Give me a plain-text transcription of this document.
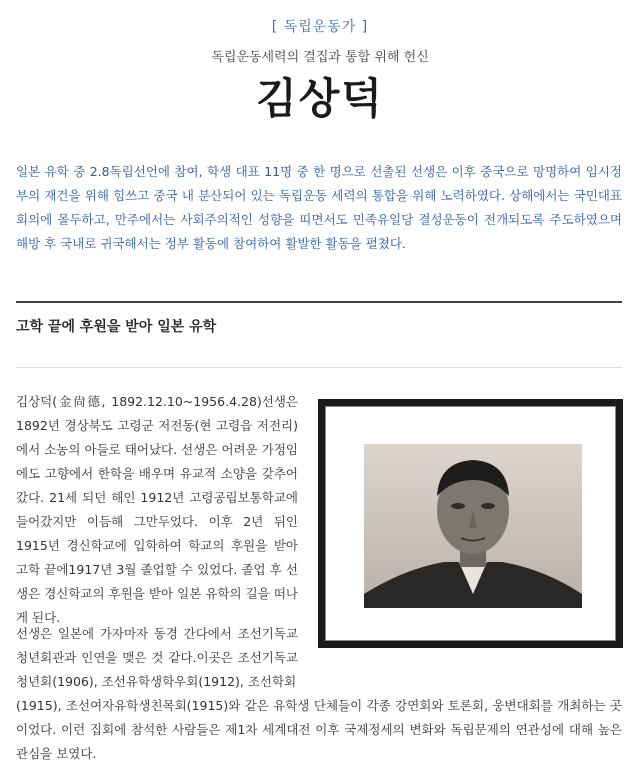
[ 독립운동가 ]
독립운동세력의 결집과 통합 위해 헌신
김상덕
일본 유학 중 2.8독립선언에 참여, 학생 대표 11명 중 한 명으로 선출된 선생은 이후 중국으로 망명하여 임시정부의 재건을 위해 힘쓰고 중국 내 분산되어 있는 독립운동 세력의 통합을 위해 노력하였다. 상해에서는 국민대표회의에 몰두하고, 만주에서는 사회주의적인 성향을 띠면서도 민족유일당 결성운동이 전개되도록 주도하였으며 해방 후 국내로 귀국해서는 정부 활동에 참여하여 활발한 활동을 펼쳤다.
고학 끝에 후원을 받아 일본 유학
김상덕(金尙德, 1892.12.10~1956.4.28)선생은 1892년 경상북도 고령군 저전동(현 고령읍 저전리)에서 소농의 아들로 태어났다. 선생은 어려운 가정임에도 고향에서 한학을 배우며 유교적 소양을 갖추어갔다. 21세 되던 해인 1912년 고령공립보통학교에 들어갔지만 이듬해 그만두었다. 이후 2년 뒤인 1915년 경신학교에 입학하여 학교의 후원을 받아 고학 끝에1917년 3월 졸업할 수 있었다. 졸업 후 선생은 경신학교의 후원을 받아 일본 유학의 길을 떠나게 된다.
선생은 일본에 가자마자 동경 간다에서 조선기독교청년회관과 인연을 맺은 것 같다.이곳은 조선기독교청년회(1906), 조선유학생학우회(1912), 조선학회
(1915), 조선여자유학생친목회(1915)와 같은 유학생 단체들이 각종 강연회와 토론회, 웅변대회를 개최하는 곳이었다. 이런 집회에 참석한 사람들은 제1차 세계대전 이후 국제정세의 변화와 독립문제의 연관성에 대해 높은 관심을 보였다.
